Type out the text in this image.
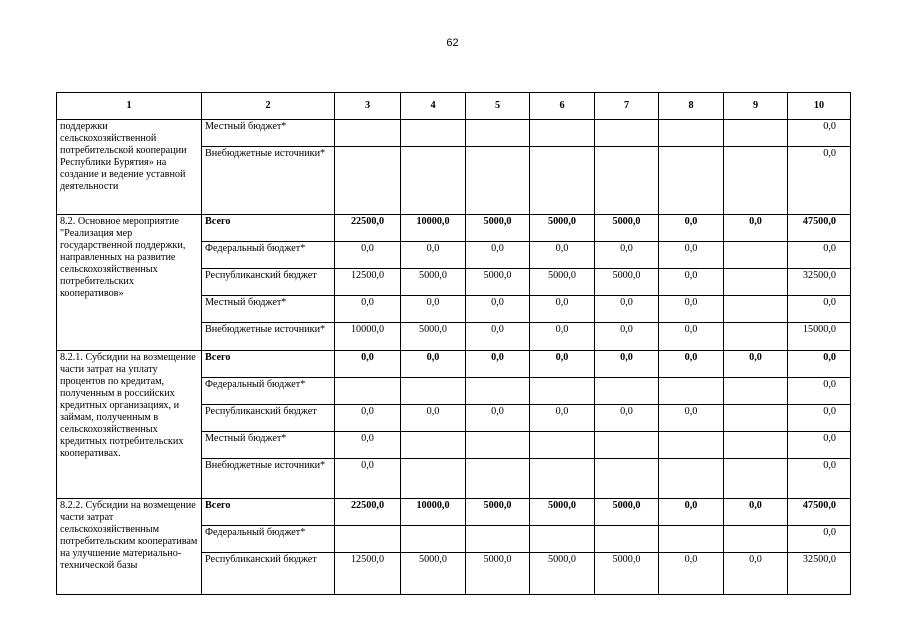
62
1	2	3	4	5	6	7	8	9	10
поддержки сельскохозяйственной потребительской кооперации Республики Бурятия» на создание и ведение уставной деятельности	Местный бюджет*								0,0
	Внебюджетные источники*								0,0
8.2. Основное мероприятие "Реализация мер государственной поддержки, направленных на развитие сельскохозяйственных потребительских кооперативов»	Всего	22500,0	10000,0	5000,0	5000,0	5000,0	0,0	0,0	47500,0
	Федеральный бюджет*	0,0	0,0	0,0	0,0	0,0	0,0		0,0
	Республиканский бюджет	12500,0	5000,0	5000,0	5000,0	5000,0	0,0		32500,0
	Местный бюджет*	0,0	0,0	0,0	0,0	0,0	0,0		0,0
	Внебюджетные источники*	10000,0	5000,0	0,0	0,0	0,0	0,0		15000,0
8.2.1. Субсидии на возмещение части затрат на уплату процентов по кредитам, полученным в российских кредитных организациях, и займам, полученным в сельскохозяйственных кредитных потребительских кооперативах.	Всего	0,0	0,0	0,0	0,0	0,0	0,0	0,0	0,0
	Федеральный бюджет*								0,0
	Республиканский бюджет	0,0	0,0	0,0	0,0	0,0	0,0		0,0
	Местный бюджет*	0,0							0,0
	Внебюджетные источники*	0,0							0,0
8.2.2. Субсидии на возмещение части затрат сельскохозяйственным потребительским кооперативам на улучшение материально-технической базы	Всего	22500,0	10000,0	5000,0	5000,0	5000,0	0,0	0,0	47500,0
	Федеральный бюджет*								0,0
	Республиканский бюджет	12500,0	5000,0	5000,0	5000,0	5000,0	0,0	0,0	32500,0
